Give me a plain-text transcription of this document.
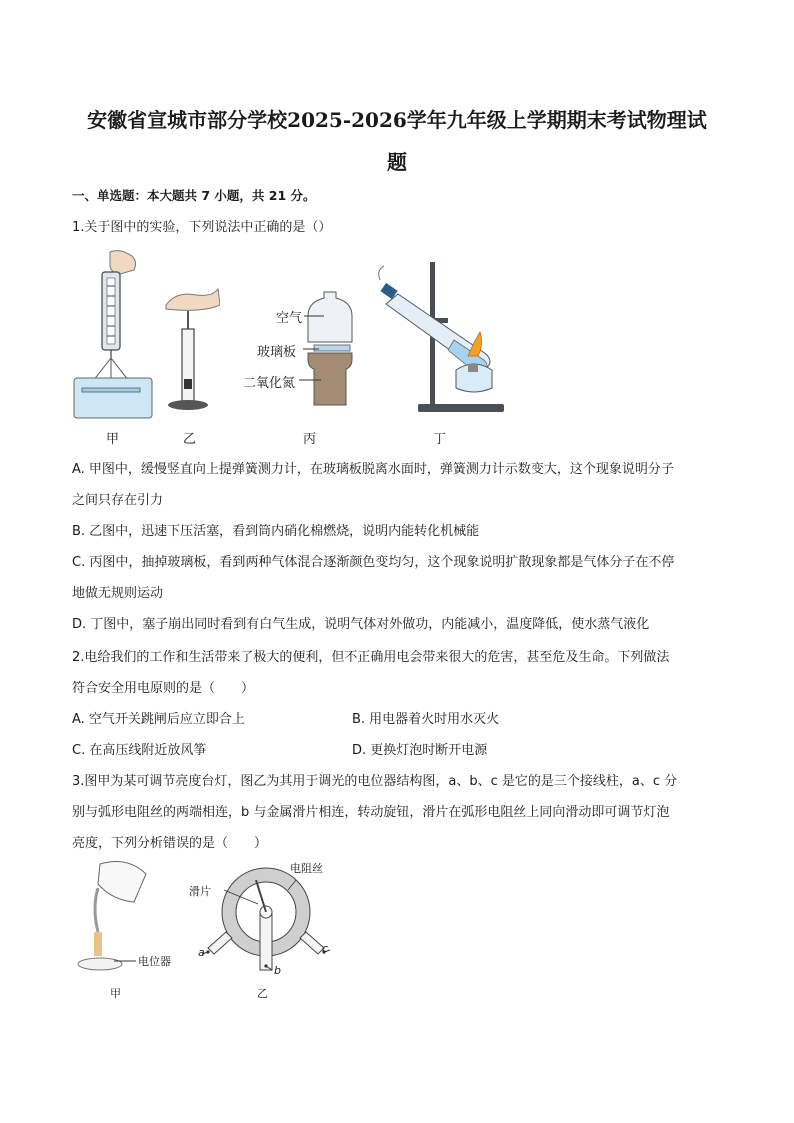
安徽省宣城市部分学校2025-2026学年九年级上学期期末考试物理试
题
一、单选题：本大题共 7 小题，共 21 分。
1.关于图中的实验，下列说法中正确的是（）
甲	乙
空气
玻璃板
二氧化氮
丙	丁
A. 甲图中，缓慢竖直向上提弹簧测力计，在玻璃板脱离水面时，弹簧测力计示数变大，这个现象说明分子
之间只存在引力
B. 乙图中，迅速下压活塞，看到筒内硝化棉燃烧，说明内能转化机械能
C. 丙图中，抽掉玻璃板，看到两种气体混合逐渐颜色变均匀，这个现象说明扩散现象都是气体分子在不停
地做无规则运动
D. 丁图中，塞子崩出同时看到有白气生成，说明气体对外做功，内能减小，温度降低，使水蒸气液化
2.电给我们的工作和生活带来了极大的便利，但不正确用电会带来很大的危害，甚至危及生命。下列做法
符合安全用电原则的是（　　）
A. 空气开关跳闸后应立即合上	B. 用电器着火时用水灭火
C. 在高压线附近放风筝	D. 更换灯泡时断开电源
3.图甲为某可调节亮度台灯，图乙为其用于调光的电位器结构图，a、b、c 是它的是三个接线柱，a、c 分
别与弧形电阻丝的两端相连，b 与金属滑片相连，转动旋钮，滑片在弧形电阻丝上同向滑动即可调节灯泡
亮度，下列分析错误的是（　　）
电位器
甲
电阻丝
滑片
a	c
b
乙
